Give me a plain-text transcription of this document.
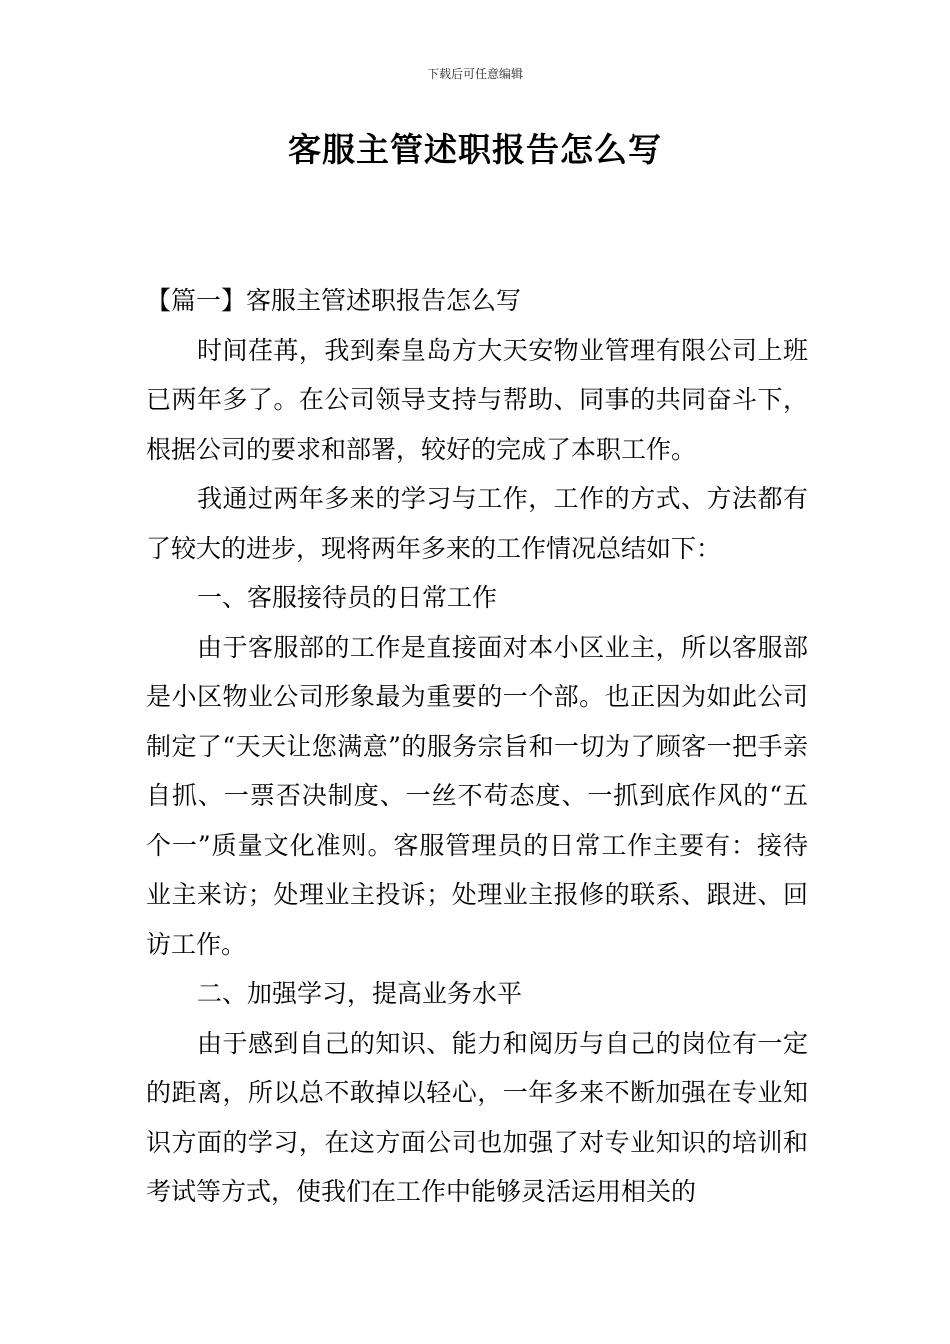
下载后可任意编辑
客服主管述职报告怎么写

【篇一】客服主管述职报告怎么写

时间荏苒，我到秦皇岛方大天安物业管理有限公司上班已两年多了。在公司领导支持与帮助、同事的共同奋斗下，根据公司的要求和部署，较好的完成了本职工作。

我通过两年多来的学习与工作，工作的方式、方法都有了较大的进步，现将两年多来的工作情况总结如下：

一、客服接待员的日常工作

由于客服部的工作是直接面对本小区业主，所以客服部是小区物业公司形象最为重要的一个部。也正因为如此公司制定了“天天让您满意”的服务宗旨和一切为了顾客一把手亲自抓、一票否决制度、一丝不苟态度、一抓到底作风的“五个一”质量文化准则。客服管理员的日常工作主要有：接待业主来访；处理业主投诉；处理业主报修的联系、跟进、回访工作。

二、加强学习，提高业务水平

由于感到自己的知识、能力和阅历与自己的岗位有一定的距离，所以总不敢掉以轻心，一年多来不断加强在专业知识方面的学习，在这方面公司也加强了对专业知识的培训和考试等方式，使我们在工作中能够灵活运用相关的
